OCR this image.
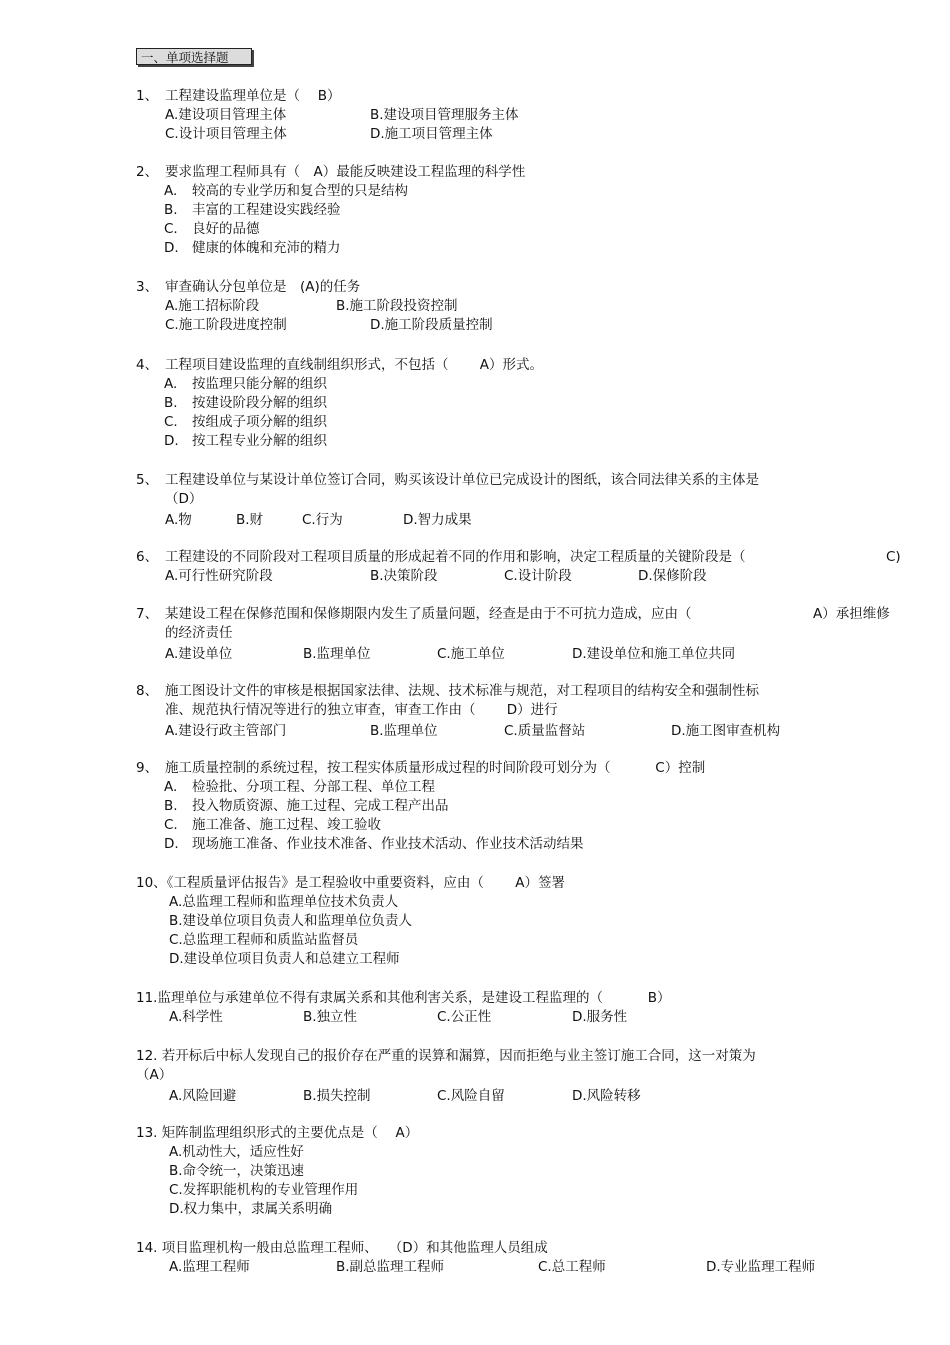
一、单项选择题
1、 工程建设监理单位是（　 B）
A.建设项目管理主体	B.建设项目管理服务主体
C.设计项目管理主体	D.施工项目管理主体
2、 要求监理工程师具有（　A）最能反映建设工程监理的科学性
A. 较高的专业学历和复合型的只是结构
B. 丰富的工程建设实践经验
C. 良好的品德
D. 健康的体魄和充沛的精力
3、 审查确认分包单位是　(A)的任务
A.施工招标阶段	B.施工阶段投资控制
C.施工阶段进度控制	D.施工阶段质量控制
4、 工程项目建设监理的直线制组织形式，不包括（　　 A）形式。
A. 按监理只能分解的组织
B. 按建设阶段分解的组织
C. 按组成子项分解的组织
D. 按工程专业分解的组织
5、 工程建设单位与某设计单位签订合同，购买该设计单位已完成设计的图纸，该合同法律关系的主体是
（D）
A.物	B.财	C.行为	D.智力成果
6、 工程建设的不同阶段对工程项目质量的形成起着不同的作用和影响，决定工程质量的关键阶段是（	C)
A.可行性研究阶段	B.决策阶段	C.设计阶段	D.保修阶段
7、 某建设工程在保修范围和保修期限内发生了质量问题，经查是由于不可抗力造成，应由（	A）承担维修
的经济责任
A.建设单位	B.监理单位	C.施工单位	D.建设单位和施工单位共同
8、 施工图设计文件的审核是根据国家法律、法规、技术标准与规范，对工程项目的结构安全和强制性标
准、规范执行情况等进行的独立审查，审查工作由（　　 D）进行
A.建设行政主管部门	B.监理单位	C.质量监督站	D.施工图审查机构
9、 施工质量控制的系统过程，按工程实体质量形成过程的时间阶段可划分为（　　　 C）控制
A. 检验批、分项工程、分部工程、单位工程
B. 投入物质资源、施工过程、完成工程产出品
C. 施工准备、施工过程、竣工验收
D. 现场施工准备、作业技术准备、作业技术活动、作业技术活动结果
10、《工程质量评估报告》是工程验收中重要资料，应由（　　 A）签署
A.总监理工程师和监理单位技术负责人
B.建设单位项目负责人和监理单位负责人
C.总监理工程师和质监站监督员
D.建设单位项目负责人和总建立工程师
11.监理单位与承建单位不得有隶属关系和其他利害关系，是建设工程监理的（　　　 B）
A.科学性	B.独立性	C.公正性	D.服务性
12. 若开标后中标人发现自己的报价存在严重的误算和漏算，因而拒绝与业主签订施工合同，这一对策为
（A）
A.风险回避	B.损失控制	C.风险自留	D.风险转移
13. 矩阵制监理组织形式的主要优点是（　 A）
A.机动性大，适应性好
B.命令统一，决策迅速
C.发挥职能机构的专业管理作用
D.权力集中，隶属关系明确
14. 项目监理机构一般由总监理工程师、　 （D）和其他监理人员组成
A.监理工程师	B.副总监理工程师	C.总工程师	D.专业监理工程师
